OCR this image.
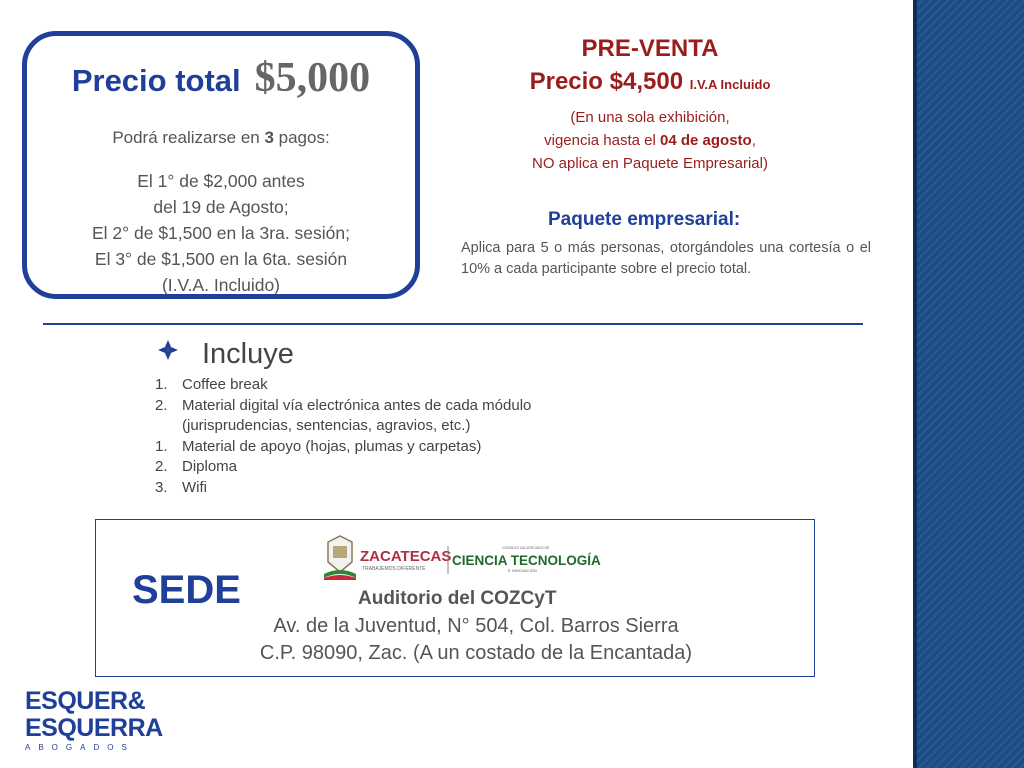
Precio total $5,000
Podrá realizarse en 3 pagos:
El 1° de $2,000 antes
del 19 de Agosto;
El 2° de $1,500 en la 3ra. sesión;
El 3° de $1,500 en la 6ta. sesión
(I.V.A. Incluido)
PRE-VENTA
Precio $4,500 I.V.A Incluido
(En una sola exhibición,
vigencia hasta el 04 de agosto,
NO aplica en Paquete Empresarial)
Paquete empresarial:
Aplica para 5 o más personas, otorgándoles una cortesía o el 10% a cada participante sobre el precio total.
Incluye
1. Coffee break
2. Material digital vía electrónica antes de cada módulo
(jurisprudencias, sentencias, agravios, etc.)
1. Material de apoyo (hojas, plumas y carpetas)
2. Diploma
3. Wifi
ZACATECAS
TRABAJEMOS DIFERENTE
CONSEJO ZACATECANO DE
CIENCIA TECNOLOGÍA
E INNOVACIÓN
SEDE	Auditorio del COZCyT
Av. de la Juventud, N° 504, Col. Barros Sierra
C.P. 98090, Zac. (A un costado de la Encantada)
ESQUER&
ESQUERRA
ABOGADOS
